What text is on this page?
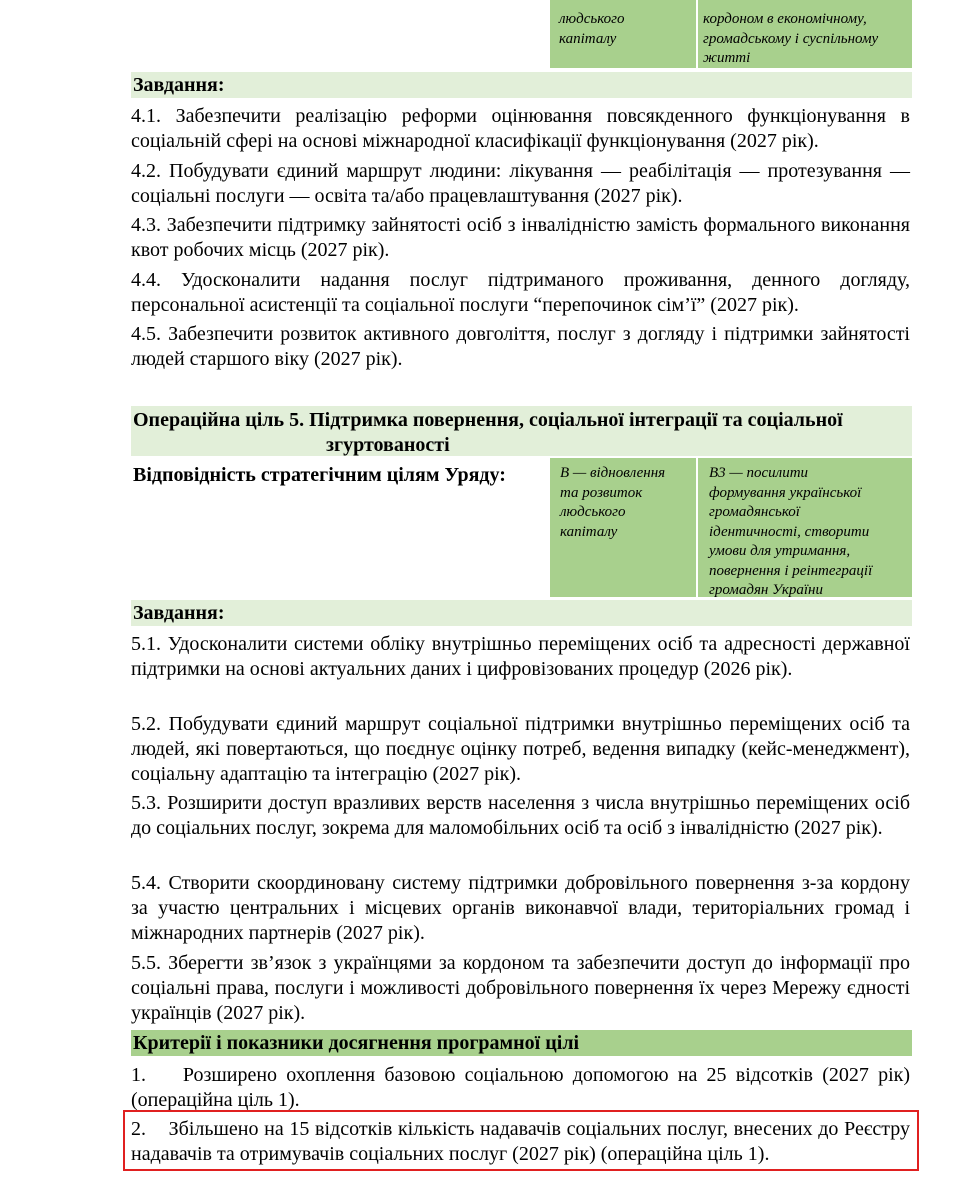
людського
капіталу
кордоном в економічному,
громадському і суспільному
житті
Завдання:
4.1. Забезпечити реалізацію реформи оцінювання повсякденного функціонування в соціальній сфері на основі міжнародної класифікації функціонування (2027 рік).
4.2. Побудувати єдиний маршрут людини: лікування — реабілітація — протезування — соціальні послуги — освіта та/або працевлаштування (2027 рік).
4.3. Забезпечити підтримку зайнятості осіб з інвалідністю замість формального виконання квот робочих місць (2027 рік).
4.4. Удосконалити надання послуг підтриманого проживання, денного догляду, персональної асистенції та соціальної послуги “перепочинок сім’ї” (2027 рік).
4.5. Забезпечити розвиток активного довголіття, послуг з догляду і підтримки зайнятості людей старшого віку (2027 рік).
Операційна ціль 5. Підтримка повернення, соціальної інтеграції та соціальної
згуртованості
Відповідність стратегічним цілям Уряду:	В — відновлення
та розвиток
людського
капіталу
В3 — посилити
формування української
громадянської
ідентичності, створити
умови для утримання,
повернення і реінтеграції
громадян України
Завдання:
5.1. Удосконалити системи обліку внутрішньо переміщених осіб та адресності державної підтримки на основі актуальних даних і цифровізованих процедур (2026 рік).
5.2. Побудувати єдиний маршрут соціальної підтримки внутрішньо переміщених осіб та людей, які повертаються, що поєднує оцінку потреб, ведення випадку (кейс-менеджмент), соціальну адаптацію та інтеграцію (2027 рік).
5.3. Розширити доступ вразливих верств населення з числа внутрішньо переміщених осіб до соціальних послуг, зокрема для маломобільних осіб та осіб з інвалідністю (2027 рік).
5.4. Створити скоординовану систему підтримки добровільного повернення з-за кордону за участю центральних і місцевих органів виконавчої влади, територіальних громад і міжнародних партнерів (2027 рік).
5.5. Зберегти зв’язок з українцями за кордоном та забезпечити доступ до інформації про соціальні права, послуги і можливості добровільного повернення їх через Мережу єдності українців (2027 рік).
Критерії і показники досягнення програмної цілі
1.    Розширено охоплення базовою соціальною допомогою на 25 відсотків (2027 рік) (операційна ціль 1).
2.    Збільшено на 15 відсотків кількість надавачів соціальних послуг, внесених до Реєстру надавачів та отримувачів соціальних послуг (2027 рік) (операційна ціль 1).
